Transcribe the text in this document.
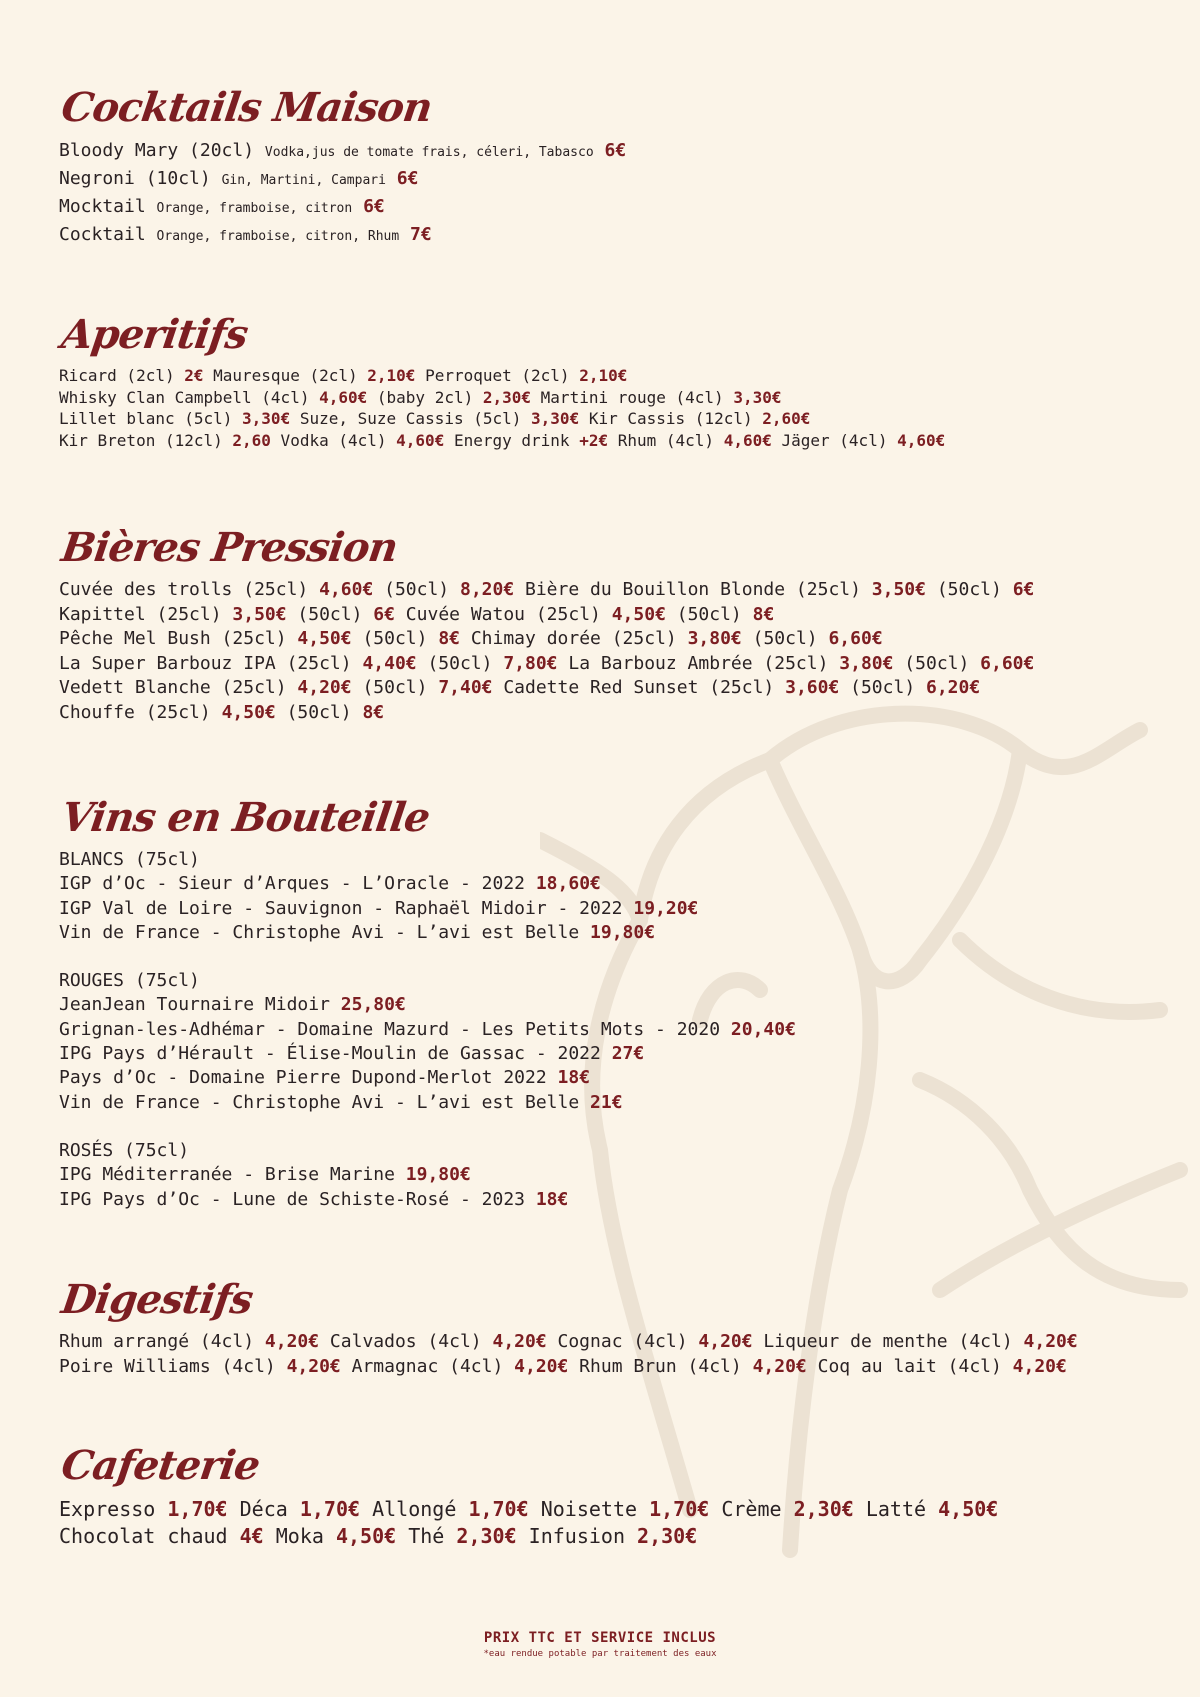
Cocktails Maison
Bloody Mary (20cl) Vodka,jus de tomate frais, céleri, Tabasco 6€
Negroni (10cl) Gin, Martini, Campari 6€
Mocktail Orange, framboise, citron 6€
Cocktail Orange, framboise, citron, Rhum 7€
Aperitifs
Ricard (2cl) 2€ Mauresque (2cl) 2,10€ Perroquet (2cl) 2,10€
Whisky Clan Campbell (4cl) 4,60€ (baby 2cl) 2,30€ Martini rouge (4cl) 3,30€
Lillet blanc (5cl) 3,30€ Suze, Suze Cassis (5cl) 3,30€ Kir Cassis (12cl) 2,60€
Kir Breton (12cl) 2,60 Vodka (4cl) 4,60€ Energy drink +2€ Rhum (4cl) 4,60€ Jäger (4cl) 4,60€
Bières Pression
Cuvée des trolls (25cl) 4,60€ (50cl) 8,20€ Bière du Bouillon Blonde (25cl) 3,50€ (50cl) 6€
Kapittel (25cl) 3,50€ (50cl) 6€ Cuvée Watou (25cl) 4,50€ (50cl) 8€
Pêche Mel Bush (25cl) 4,50€ (50cl) 8€ Chimay dorée (25cl) 3,80€ (50cl) 6,60€
La Super Barbouz IPA (25cl) 4,40€ (50cl) 7,80€ La Barbouz Ambrée (25cl) 3,80€ (50cl) 6,60€
Vedett Blanche (25cl) 4,20€ (50cl) 7,40€ Cadette Red Sunset (25cl) 3,60€ (50cl) 6,20€
Chouffe (25cl) 4,50€ (50cl) 8€
Vins en Bouteille
BLANCS (75cl)
IGP d’Oc - Sieur d’Arques - L’Oracle - 2022 18,60€
IGP Val de Loire - Sauvignon - Raphaël Midoir - 2022 19,20€
Vin de France - Christophe Avi - L’avi est Belle 19,80€
ROUGES (75cl)
JeanJean Tournaire Midoir 25,80€
Grignan-les-Adhémar - Domaine Mazurd - Les Petits Mots - 2020 20,40€
IPG Pays d’Hérault - Élise-Moulin de Gassac - 2022 27€
Pays d’Oc - Domaine Pierre Dupond-Merlot 2022 18€
Vin de France - Christophe Avi - L’avi est Belle 21€
ROSÉS (75cl)
IPG Méditerranée - Brise Marine 19,80€
IPG Pays d’Oc - Lune de Schiste-Rosé - 2023 18€
Digestifs
Rhum arrangé (4cl) 4,20€ Calvados (4cl) 4,20€ Cognac (4cl) 4,20€ Liqueur de menthe (4cl) 4,20€
Poire Williams (4cl) 4,20€ Armagnac (4cl) 4,20€ Rhum Brun (4cl) 4,20€ Coq au lait (4cl) 4,20€
Cafeterie
Expresso 1,70€ Déca 1,70€ Allongé 1,70€ Noisette 1,70€ Crème 2,30€ Latté 4,50€
Chocolat chaud 4€ Moka 4,50€ Thé 2,30€ Infusion 2,30€
PRIX TTC ET SERVICE INCLUS
*eau rendue potable par traitement des eaux
